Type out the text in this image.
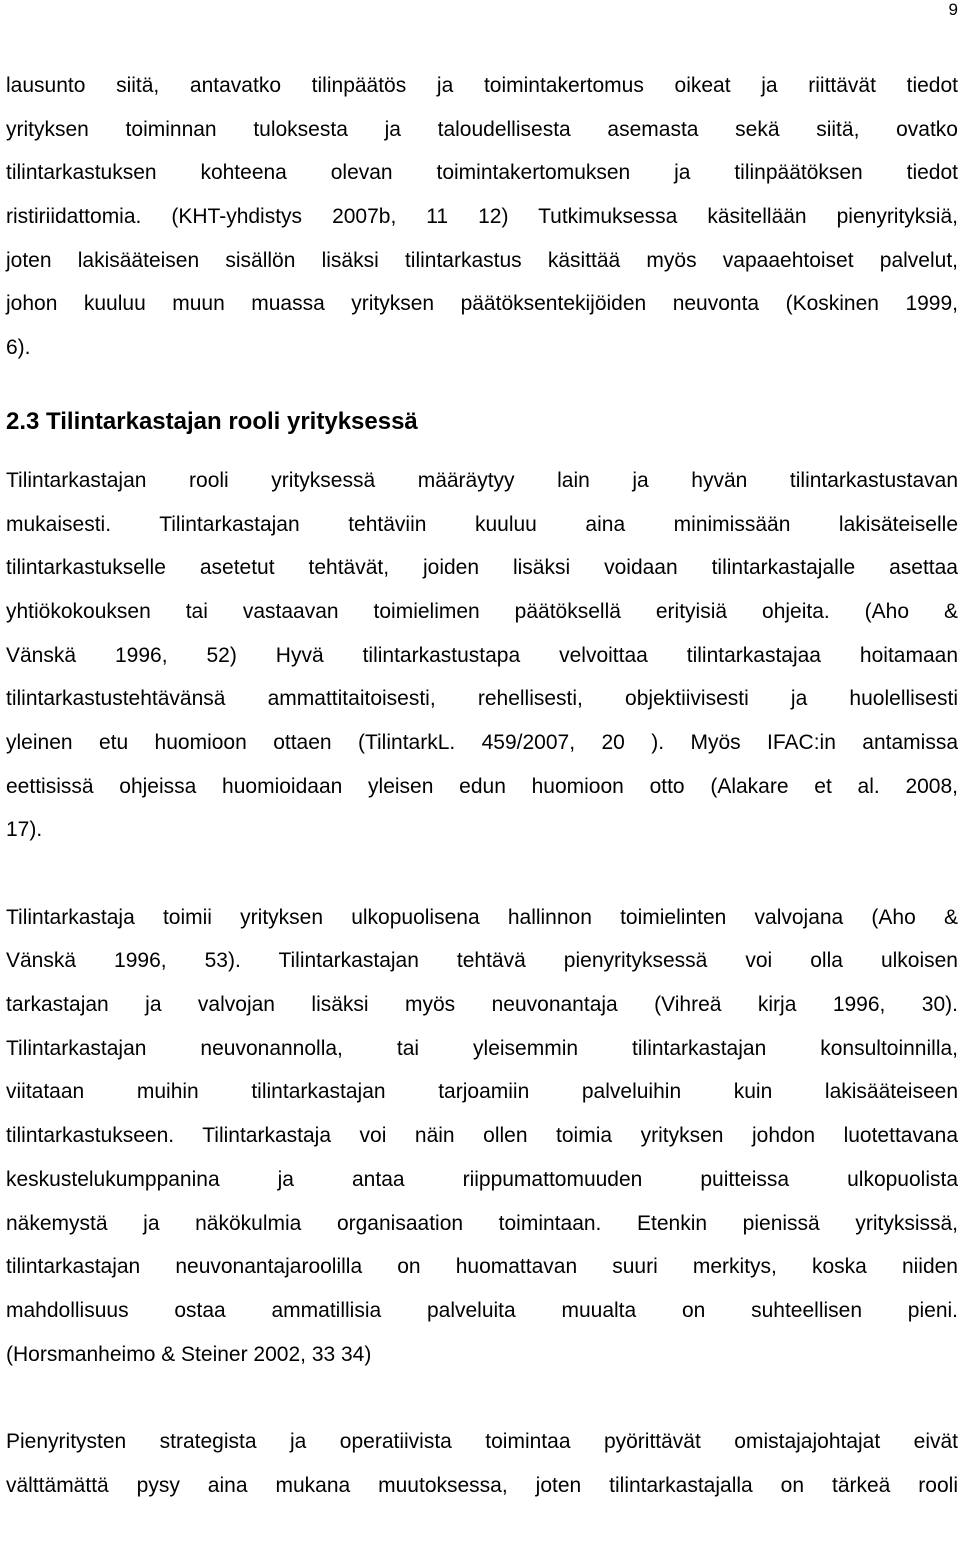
9
lausunto siitä, antavatko tilinpäätös ja toimintakertomus oikeat ja riittävät tiedot
yrityksen toiminnan tuloksesta ja taloudellisesta asemasta sekä siitä, ovatko
tilintarkastuksen kohteena olevan toimintakertomuksen ja tilinpäätöksen tiedot
ristiriidattomia. (KHT-yhdistys 2007b, 11 12) Tutkimuksessa käsitellään pienyrityksiä,
joten lakisääteisen sisällön lisäksi tilintarkastus käsittää myös vapaaehtoiset palvelut,
johon kuuluu muun muassa yrityksen päätöksentekijöiden neuvonta (Koskinen 1999,
6).
2.3 Tilintarkastajan rooli yrityksessä
Tilintarkastajan rooli yrityksessä määräytyy lain ja hyvän tilintarkastustavan
mukaisesti. Tilintarkastajan tehtäviin kuuluu aina minimissään lakisäteiselle
tilintarkastukselle asetetut tehtävät, joiden lisäksi voidaan tilintarkastajalle asettaa
yhtiökokouksen tai vastaavan toimielimen päätöksellä erityisiä ohjeita. (Aho &
Vänskä 1996, 52) Hyvä tilintarkastustapa velvoittaa tilintarkastajaa hoitamaan
tilintarkastustehtävänsä ammattitaitoisesti, rehellisesti, objektiivisesti ja huolellisesti
yleinen etu huomioon ottaen (TilintarkL. 459/2007, 20 ). Myös IFAC:in antamissa
eettisissä ohjeissa huomioidaan yleisen edun huomioon otto (Alakare et al. 2008,
17).
Tilintarkastaja toimii yrityksen ulkopuolisena hallinnon toimielinten valvojana (Aho &
Vänskä 1996, 53). Tilintarkastajan tehtävä pienyrityksessä voi olla ulkoisen
tarkastajan ja valvojan lisäksi myös neuvonantaja (Vihreä kirja 1996, 30).
Tilintarkastajan neuvonannolla, tai yleisemmin tilintarkastajan konsultoinnilla,
viitataan muihin tilintarkastajan tarjoamiin palveluihin kuin lakisääteiseen
tilintarkastukseen. Tilintarkastaja voi näin ollen toimia yrityksen johdon luotettavana
keskustelukumppanina ja antaa riippumattomuuden puitteissa ulkopuolista
näkemystä ja näkökulmia organisaation toimintaan. Etenkin pienissä yrityksissä,
tilintarkastajan neuvonantajaroolilla on huomattavan suuri merkitys, koska niiden
mahdollisuus ostaa ammatillisia palveluita muualta on suhteellisen pieni.
(Horsmanheimo & Steiner 2002, 33 34)
Pienyritysten strategista ja operatiivista toimintaa pyörittävät omistajajohtajat eivät
välttämättä pysy aina mukana muutoksessa, joten tilintarkastajalla on tärkeä rooli
